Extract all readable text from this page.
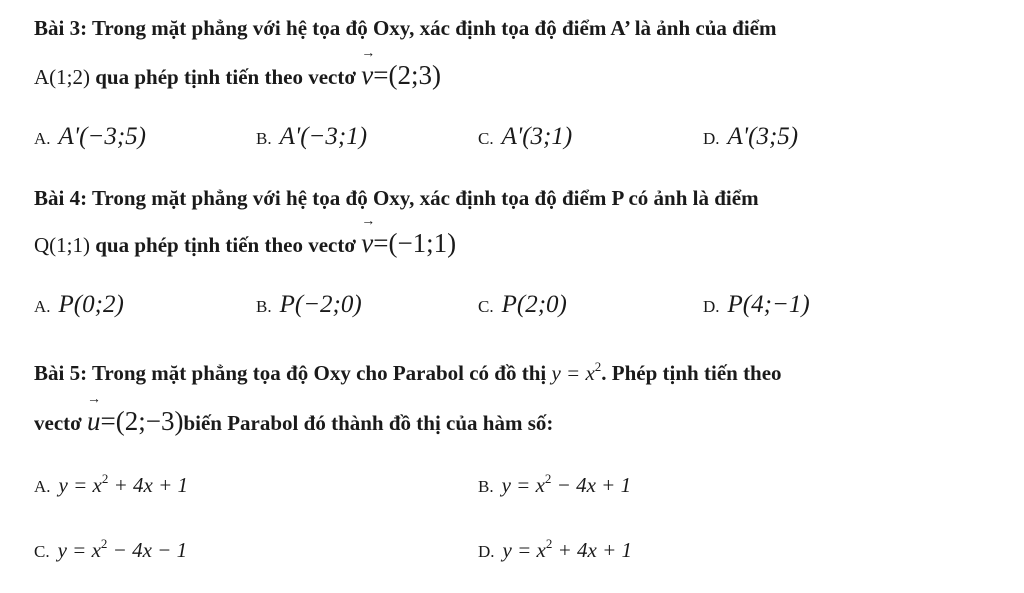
Bài 3: Trong mặt phẳng với hệ tọa độ Oxy, xác định tọa độ điểm A’ là ảnh của điểm
A(1;2) qua phép tịnh tiến theo vectơ → v=(2;3)
A. A'(−3;5)	B. A'(−3;1)	C. A'(3;1)	D. A'(3;5)
Bài 4: Trong mặt phẳng với hệ tọa độ Oxy, xác định tọa độ điểm P có ảnh là điểm
Q(1;1) qua phép tịnh tiến theo vectơ → v=(−1;1)
A. P(0;2)	B. P(−2;0)	C. P(2;0)	D. P(4;−1)
Bài 5: Trong mặt phẳng tọa độ Oxy cho Parabol có đồ thị $y = x^2$. Phép tịnh tiến theo
vectơ → u=(2;−3)biến Parabol đó thành đồ thị của hàm số:
A. $y = x^2 + 4x + 1$	B. $y = x^2 - 4x + 1$
C. $y = x^2 - 4x - 1$	D. $y = x^2 + 4x + 1$
